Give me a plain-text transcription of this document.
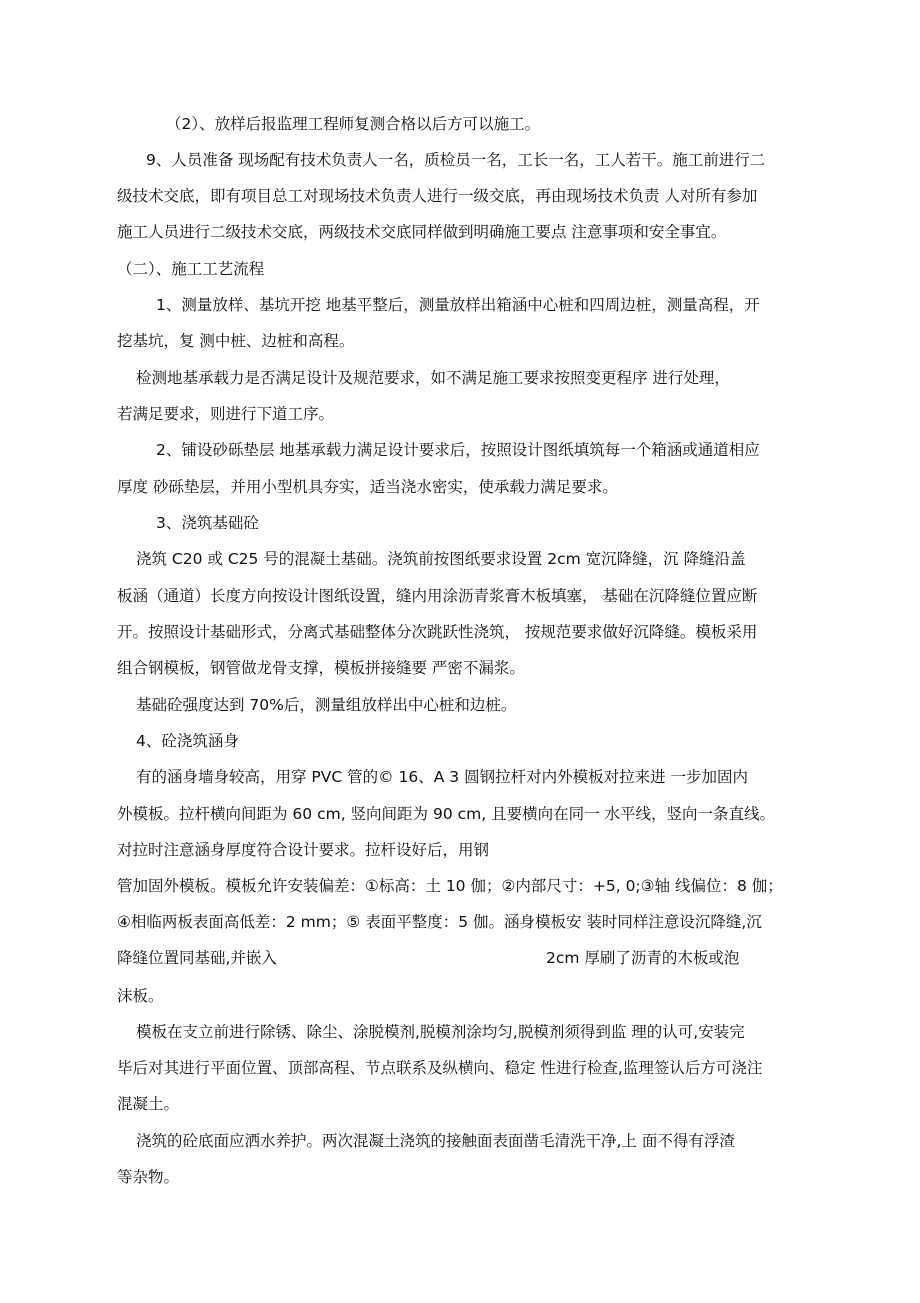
（2）、放样后报监理工程师复测合格以后方可以施工。
9、人员准备 现场配有技术负责人一名，质检员一名，工长一名，工人若干。施工前进行二
级技术交底，即有项目总工对现场技术负责人进行一级交底，再由现场技术负责 人对所有参加
施工人员进行二级技术交底，两级技术交底同样做到明确施工要点 注意事项和安全事宜。
（二）、施工工艺流程
1、测量放样、基坑开挖 地基平整后，测量放样出箱涵中心桩和四周边桩，测量高程，开
挖基坑，复 测中桩、边桩和高程。
检测地基承载力是否满足设计及规范要求，如不满足施工要求按照变更程序 进行处理，
若满足要求，则进行下道工序。
2、铺设砂砾垫层 地基承载力满足设计要求后，按照设计图纸填筑每一个箱涵或通道相应
厚度 砂砾垫层，并用小型机具夯实，适当浇水密实，使承载力满足要求。
3、浇筑基础砼
浇筑 C20 或 C25 号的混凝土基础。浇筑前按图纸要求设置 2cm 宽沉降缝，沉 降缝沿盖
板涵（通道）长度方向按设计图纸设置，缝内用涂沥青浆膏木板填塞， 基础在沉降缝位置应断
开。按照设计基础形式，分离式基础整体分次跳跃性浇筑， 按规范要求做好沉降缝。模板采用
组合钢模板，钢管做龙骨支撑，模板拼接缝要 严密不漏浆。
基础砼强度达到 70%后，测量组放样出中心桩和边桩。
4、砼浇筑涵身
有的涵身墙身较高，用穿 PVC 管的© 16、A 3 圆钢拉杆对内外模板对拉来进 一步加固内
外模板。拉杆横向间距为 60 cm, 竖向间距为 90 cm, 且要横向在同一 水平线，竖向一条直线。
对拉时注意涵身厚度符合设计要求。拉杆设好后，用钢
管加固外模板。模板允许安装偏差：①标高：土 10 伽；②内部尺寸：+5, 0;③轴 线偏位：8 伽；
④相临两板表面高低差：2 mm；⑤ 表面平整度：5 伽。涵身模板安 装时同样注意设沉降缝,沉
降缝位置同基础,并嵌入	2cm 厚刷了沥青的木板或泡
沫板。
模板在支立前进行除锈、除尘、涂脱模剂,脱模剂涂均匀,脱模剂须得到监 理的认可,安装完
毕后对其进行平面位置、顶部高程、节点联系及纵横向、稳定 性进行检查,监理签认后方可浇注
混凝土。
浇筑的砼底面应洒水养护。两次混凝土浇筑的接触面表面凿毛清洗干净,上 面不得有浮渣
等杂物。
